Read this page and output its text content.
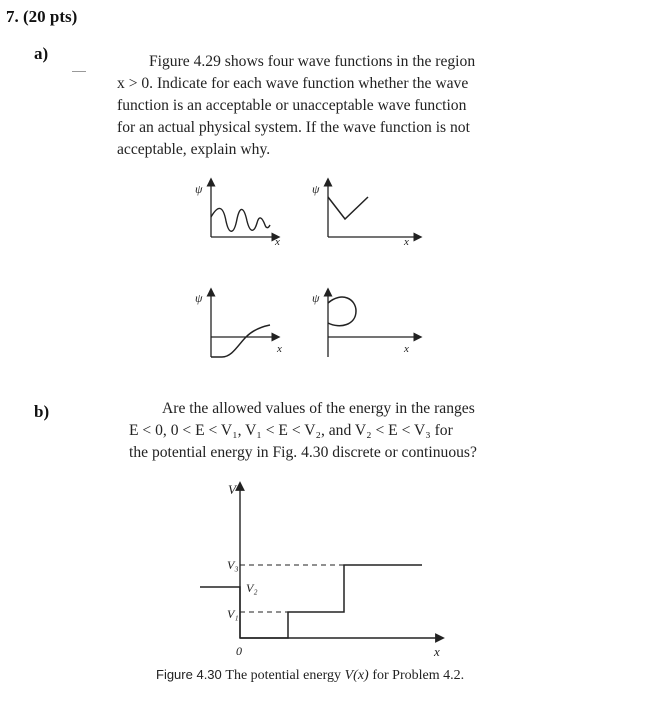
7. (20 pts)
a)	Figure 4.29 shows four wave functions in the region
x > 0. Indicate for each wave function whether the wave
function is an acceptable or unacceptable wave function
for an actual physical system. If the wave function is not
acceptable, explain why.
ψ
x
ψ
x
ψ
x
ψ
x
b)	Are the allowed values of the energy in the ranges
E < 0, 0 < E < V₁, V₁ < E < V₂, and V₂ < E < V₃ for
the potential energy in Fig. 4.30 discrete or continuous?
V
x
0
V₃
V₂
V₁
Figure 4.30 The potential energy V(x) for Problem 4.2.
